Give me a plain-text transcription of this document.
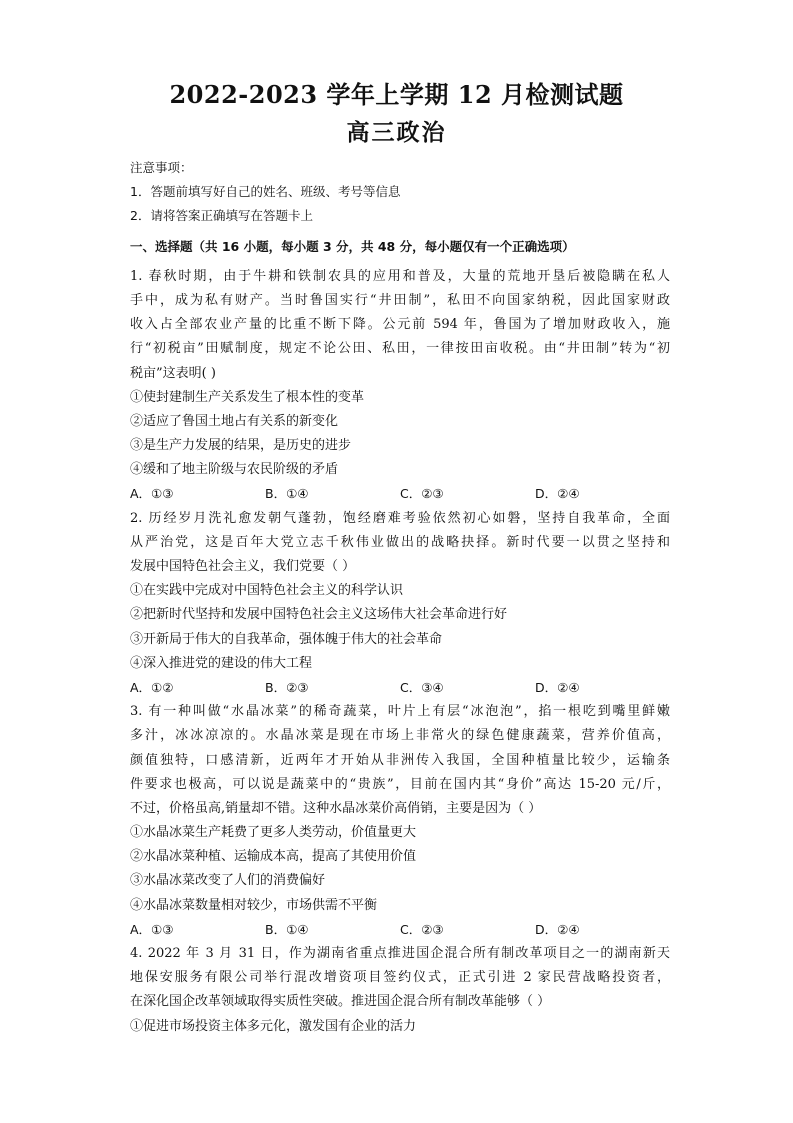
2022-2023 学年上学期 12 月检测试题
高三政治
注意事项：
1．答题前填写好自己的姓名、班级、考号等信息
2．请将答案正确填写在答题卡上
一、选择题（共 16 小题，每小题 3 分，共 48 分，每小题仅有一个正确选项）
1. 春秋时期，由于牛耕和铁制农具的应用和普及，大量的荒地开垦后被隐瞒在私人
手中，成为私有财产。当时鲁国实行“井田制”，私田不向国家纳税，因此国家财政
收入占全部农业产量的比重不断下降。公元前 594 年，鲁国为了增加财政收入，施
行“初税亩”田赋制度，规定不论公田、私田，一律按田亩收税。由“井田制”转为“初
税亩”这表明( )
①使封建制生产关系发生了根本性的变革
②适应了鲁国土地占有关系的新变化
③是生产力发展的结果，是历史的进步
④缓和了地主阶级与农民阶级的矛盾
A．①③	B．①④	C．②③	D．②④
2. 历经岁月洗礼愈发朝气蓬勃，饱经磨难考验依然初心如磐，坚持自我革命，全面
从严治党，这是百年大党立志千秋伟业做出的战略抉择。新时代要一以贯之坚持和
发展中国特色社会主义，我们党要（ ）
①在实践中完成对中国特色社会主义的科学认识
②把新时代坚持和发展中国特色社会主义这场伟大社会革命进行好
③开新局于伟大的自我革命，强体魄于伟大的社会革命
④深入推进党的建设的伟大工程
A．①②	B．②③	C．③④	D．②④
3. 有一种叫做“水晶冰菜”的稀奇蔬菜，叶片上有层“冰泡泡”，掐一根吃到嘴里鲜嫩
多汁，冰冰凉凉的。水晶冰菜是现在市场上非常火的绿色健康蔬菜，营养价值高，
颜值独特，口感清新，近两年才开始从非洲传入我国，全国种植量比较少，运输条
件要求也极高，可以说是蔬菜中的“贵族”，目前在国内其“身价”高达 15-20 元/斤，
不过，价格虽高,销量却不错。这种水晶冰菜价高俏销，主要是因为（ ）
①水晶冰菜生产耗费了更多人类劳动，价值量更大
②水晶冰菜种植、运输成本高，提高了其使用价值
③水晶冰菜改变了人们的消费偏好
④水晶冰菜数量相对较少，市场供需不平衡
A．①③	B．①④	C．②③	D．②④
4. 2022 年 3 月 31 日，作为湖南省重点推进国企混合所有制改革项目之一的湖南新天
地保安服务有限公司举行混改增资项目签约仪式，正式引进 2 家民营战略投资者，
在深化国企改革领域取得实质性突破。推进国企混合所有制改革能够（ ）
①促进市场投资主体多元化，激发国有企业的活力
